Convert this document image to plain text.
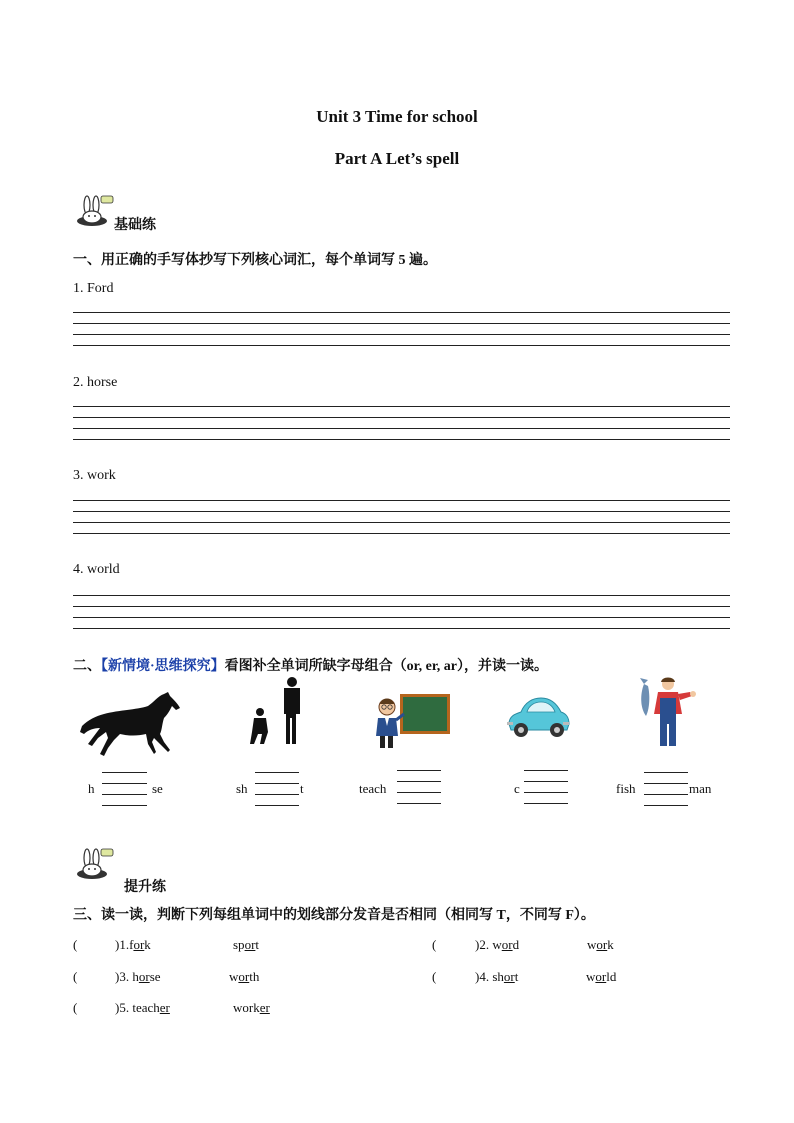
Unit 3 Time for school
Part A Let’s spell
基础练
一、用正确的手写体抄写下列核心词汇，每个单词写 5 遍。
1. Ford
2. horse
3. work
4. world
二、【新情境·思维探究】看图补全单词所缺字母组合（or, er, ar），并读一读。
h	se	sh	t	teach	c	fish	man
提升练
三、读一读，判断下列每组单词中的划线部分发音是否相同（相同写 T，不同写 F）。
(	)1.fork	sport	(	)2. word	work
(	)3. horse	worth	(	)4. short	world
(	)5. teacher	worker
